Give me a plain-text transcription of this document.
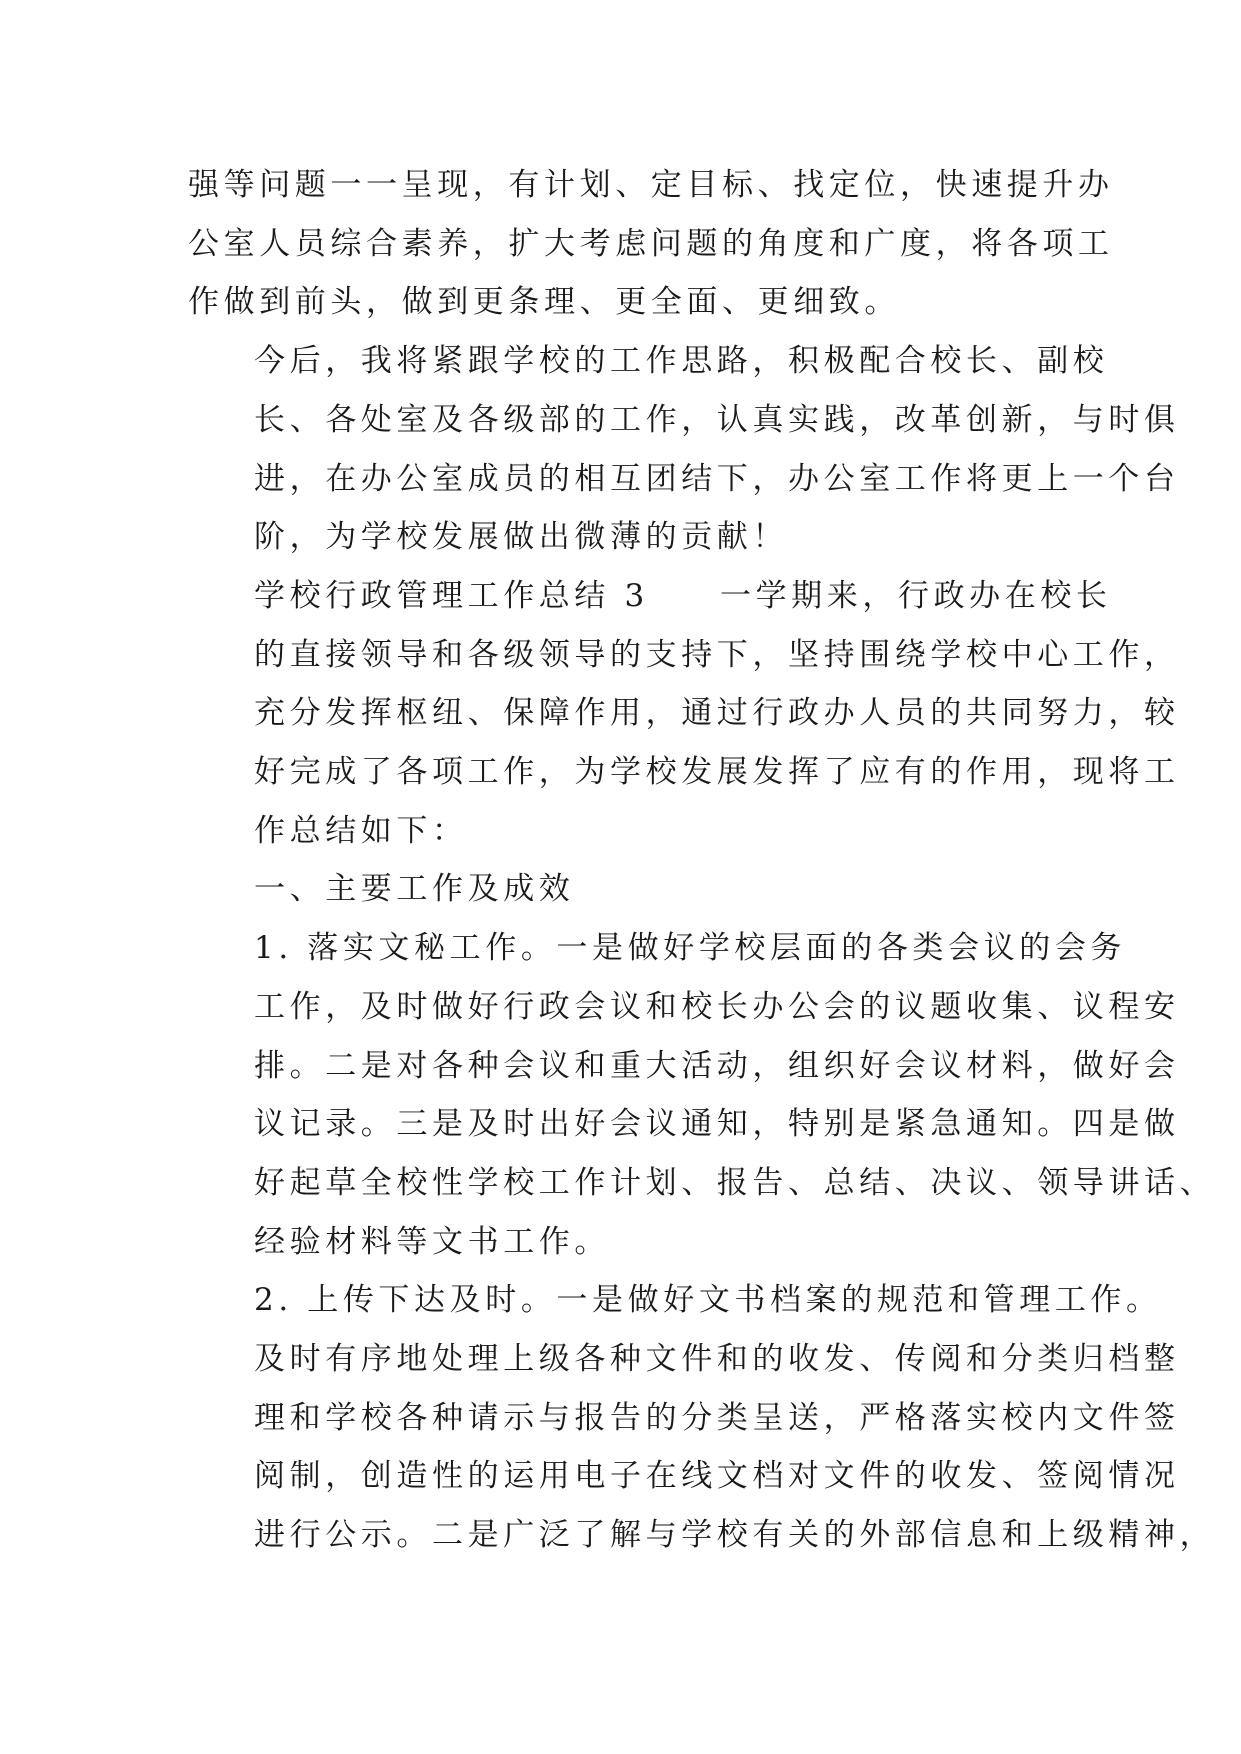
强等问题一一呈现，有计划、定目标、找定位，快速提升办
公室人员综合素养，扩大考虑问题的角度和广度，将各项工
作做到前头，做到更条理、更全面、更细致。

今后，我将紧跟学校的工作思路，积极配合校长、副校
长、各处室及各级部的工作，认真实践，改革创新，与时俱
进，在办公室成员的相互团结下，办公室工作将更上一个台
阶，为学校发展做出微薄的贡献！

学校行政管理工作总结 3　　一学期来，行政办在校长
的直接领导和各级领导的支持下，坚持围绕学校中心工作，
充分发挥枢纽、保障作用，通过行政办人员的共同努力，较
好完成了各项工作，为学校发展发挥了应有的作用，现将工
作总结如下：

一、主要工作及成效

1. 落实文秘工作。一是做好学校层面的各类会议的会务
工作，及时做好行政会议和校长办公会的议题收集、议程安
排。二是对各种会议和重大活动，组织好会议材料，做好会
议记录。三是及时出好会议通知，特别是紧急通知。四是做
好起草全校性学校工作计划、报告、总结、决议、领导讲话、
经验材料等文书工作。

2. 上传下达及时。一是做好文书档案的规范和管理工作。
及时有序地处理上级各种文件和的收发、传阅和分类归档整
理和学校各种请示与报告的分类呈送，严格落实校内文件签
阅制，创造性的运用电子在线文档对文件的收发、签阅情况
进行公示。二是广泛了解与学校有关的外部信息和上级精神，
